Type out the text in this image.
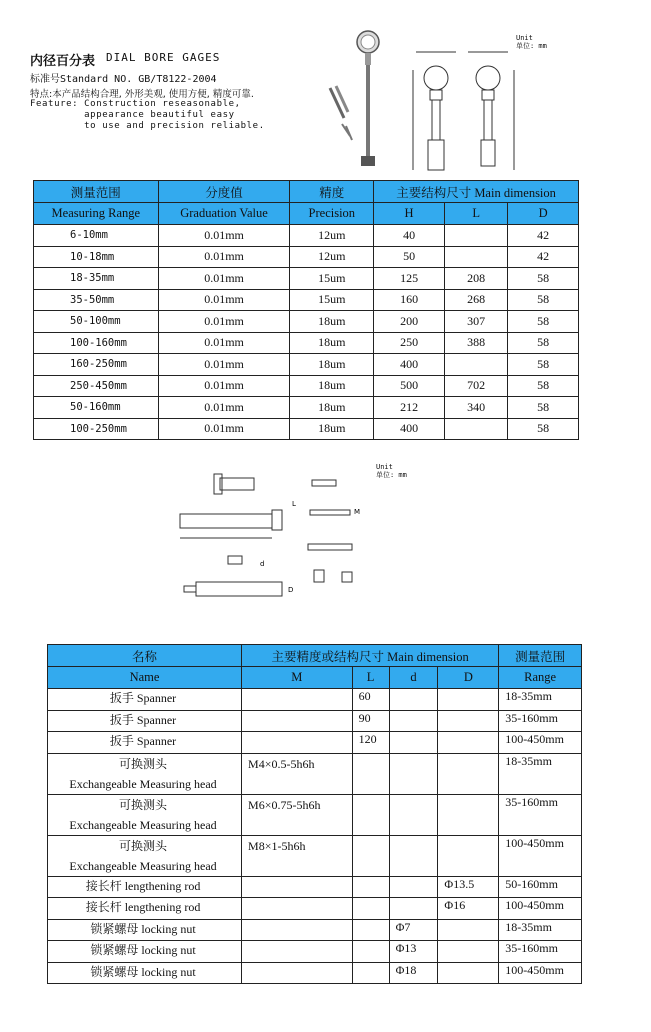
内径百分表 DIAL BORE GAGES
标准号Standard NO. GB/T8122-2004
特点:本产品结构合理, 外形美观, 使用方便, 精度可靠.
Feature: Construction reseasonable,
appearance beautiful easy
to use and precision reliable.
Unit
单位: mm
测量范围	分度值	精度	主要结构尺寸 Main dimension		
Measuring Range	Graduation Value	Precision	H	L	D
6-10mm	0.01mm	12um	40		42
10-18mm	0.01mm	12um	50		42
18-35mm	0.01mm	15um	125	208	58
35-50mm	0.01mm	15um	160	268	58
50-100mm	0.01mm	18um	200	307	58
100-160mm	0.01mm	18um	250	388	58
160-250mm	0.01mm	18um	400		58
250-450mm	0.01mm	18um	500	702	58
50-160mm	0.01mm	18um	212	340	58
100-250mm	0.01mm	18um	400		58
Unit
单位: mm
L
M
d
D
名称	主要精度或结构尺寸 Main dimension				测量范围
Name	M	L	d	D	Range
扳手 Spanner		60			18-35mm
扳手 Spanner		90			35-160mm
扳手 Spanner		120			100-450mm

可换测头
Exchangeable Measuring head	M4×0.5-5h6h				18-35mm

可换测头
Exchangeable Measuring head	M6×0.75-5h6h				35-160mm

可换测头
Exchangeable Measuring head	M8×1-5h6h				100-450mm
接长杆 lengthening rod				Φ13.5	50-160mm
接长杆 lengthening rod				Φ16	100-450mm
锁紧螺母 locking nut			Φ7		18-35mm
锁紧螺母 locking nut			Φ13		35-160mm
锁紧螺母 locking nut			Φ18		100-450mm
